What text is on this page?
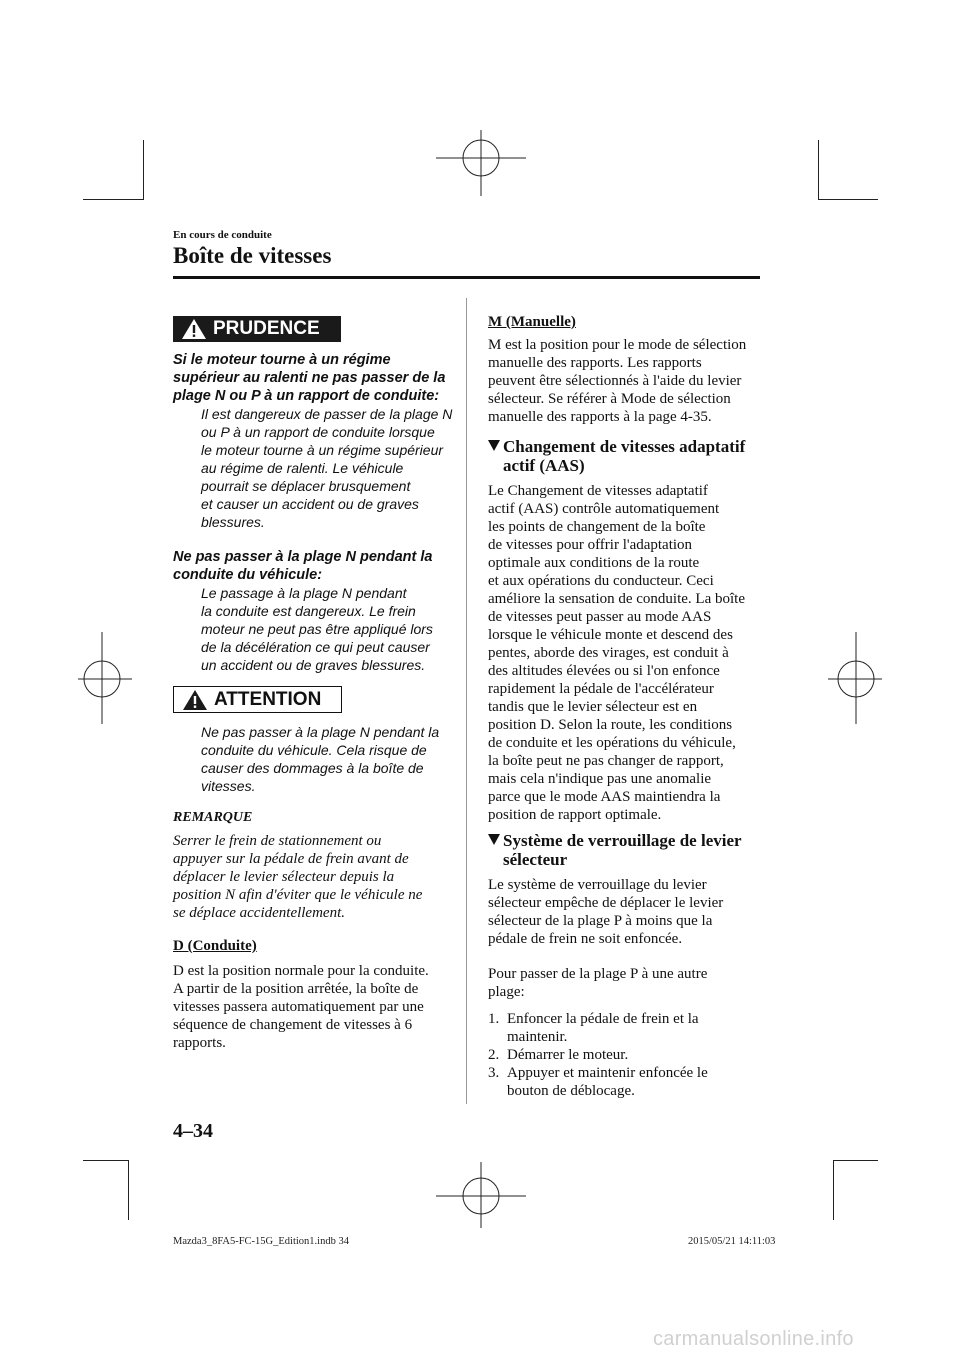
En cours de conduite
Boîte de vitesses
PRUDENCE
Si le moteur tourne à un régime
supérieur au ralenti ne pas passer de la
plage N ou P à un rapport de conduite:
Il est dangereux de passer de la plage N
ou P à un rapport de conduite lorsque
le moteur tourne à un régime supérieur
au régime de ralenti. Le véhicule
pourrait se déplacer brusquement
et causer un accident ou de graves
blessures.
Ne pas passer à la plage N pendant la
conduite du véhicule:
Le passage à la plage N pendant
la conduite est dangereux. Le frein
moteur ne peut pas être appliqué lors
de la décélération ce qui peut causer
un accident ou de graves blessures.
ATTENTION
Ne pas passer à la plage N pendant la
conduite du véhicule. Cela risque de
causer des dommages à la boîte de
vitesses.
REMARQUE
Serrer le frein de stationnement ou
appuyer sur la pédale de frein avant de
déplacer le levier sélecteur depuis la
position N afin d'éviter que le véhicule ne
se déplace accidentellement.
D (Conduite)
D est la position normale pour la conduite.
A partir de la position arrêtée, la boîte de
vitesses passera automatiquement par une
séquence de changement de vitesses à 6
rapports.
M (Manuelle)
M est la position pour le mode de sélection
manuelle des rapports. Les rapports
peuvent être sélectionnés à l'aide du levier
sélecteur. Se référer à Mode de sélection
manuelle des rapports à la page 4-35.
Changement de vitesses adaptatif
actif (AAS)
Le Changement de vitesses adaptatif
actif (AAS) contrôle automatiquement
les points de changement de la boîte
de vitesses pour offrir l'adaptation
optimale aux conditions de la route
et aux opérations du conducteur. Ceci
améliore la sensation de conduite. La boîte
de vitesses peut passer au mode AAS
lorsque le véhicule monte et descend des
pentes, aborde des virages, est conduit à
des altitudes élevées ou si l'on enfonce
rapidement la pédale de l'accélérateur
tandis que le levier sélecteur est en
position D. Selon la route, les conditions
de conduite et les opérations du véhicule,
la boîte peut ne pas changer de rapport,
mais cela n'indique pas une anomalie
parce que le mode AAS maintiendra la
position de rapport optimale.
Système de verrouillage de levier
sélecteur
Le système de verrouillage du levier
sélecteur empêche de déplacer le levier
sélecteur de la plage P à moins que la
pédale de frein ne soit enfoncée.
Pour passer de la plage P à une autre
plage:
1. Enfoncer la pédale de frein et la
maintenir.
2. Démarrer le moteur.
3. Appuyer et maintenir enfoncée le
bouton de déblocage.
4–34
Mazda3_8FA5-FC-15G_Edition1.indb 34	2015/05/21 14:11:03
carmanualsonline.info
